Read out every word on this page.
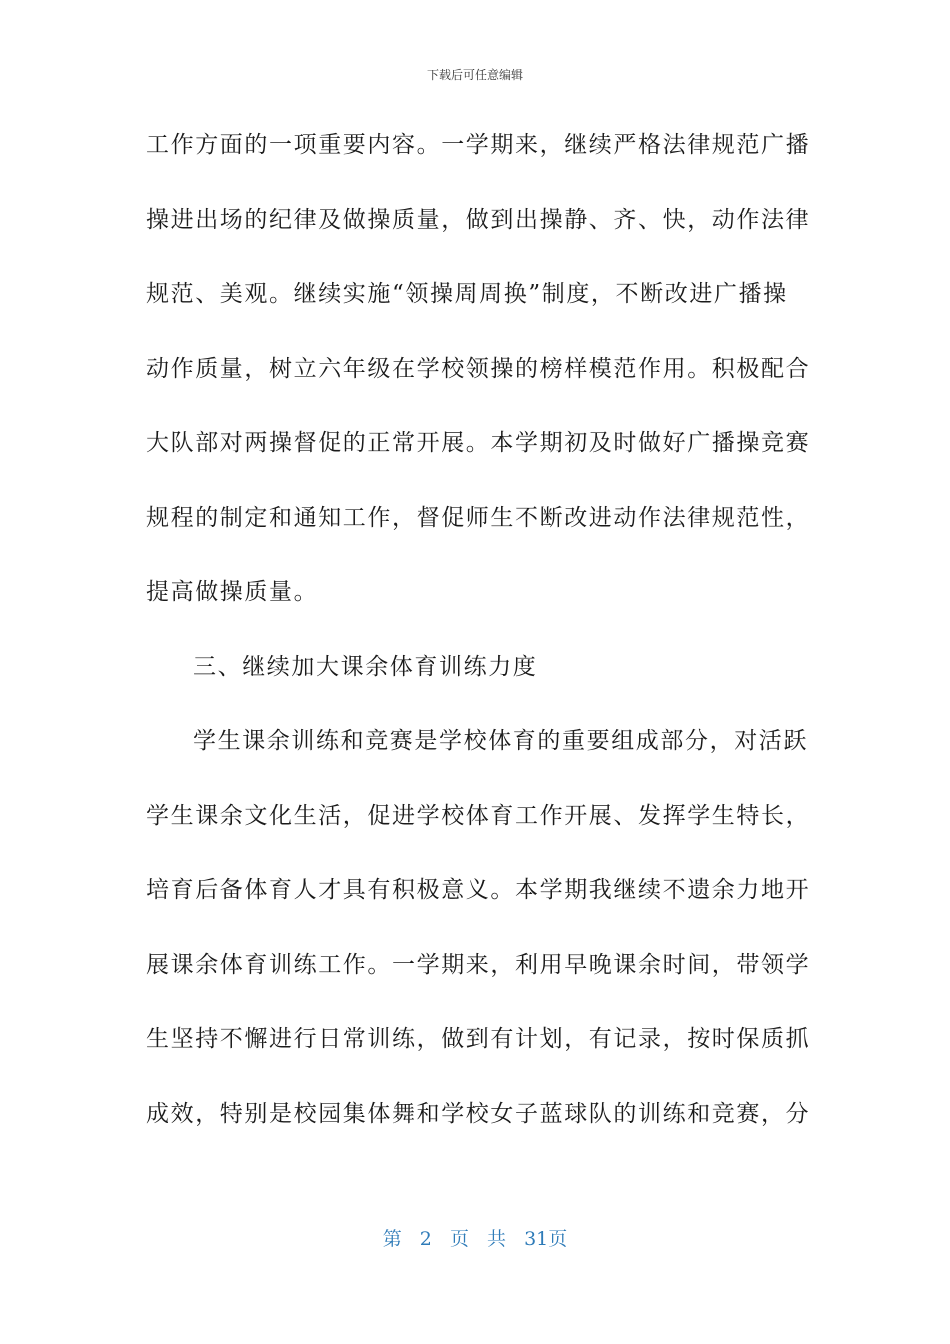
下载后可任意编辑
工作方面的一项重要内容。一学期来，继续严格法律规范广播
操进出场的纪律及做操质量，做到出操静、齐、快，动作法律
规范、美观。继续实施“领操周周换”制度，不断改进广播操
动作质量，树立六年级在学校领操的榜样模范作用。积极配合
大队部对两操督促的正常开展。本学期初及时做好广播操竞赛
规程的制定和通知工作，督促师生不断改进动作法律规范性，
提高做操质量。
三、继续加大课余体育训练力度
学生课余训练和竞赛是学校体育的重要组成部分，对活跃
学生课余文化生活，促进学校体育工作开展、发挥学生特长，
培育后备体育人才具有积极意义。本学期我继续不遗余力地开
展课余体育训练工作。一学期来，利用早晚课余时间，带领学
生坚持不懈进行日常训练，做到有计划，有记录，按时保质抓
成效，特别是校园集体舞和学校女子蓝球队的训练和竞赛，分
第 2 页 共 31页
